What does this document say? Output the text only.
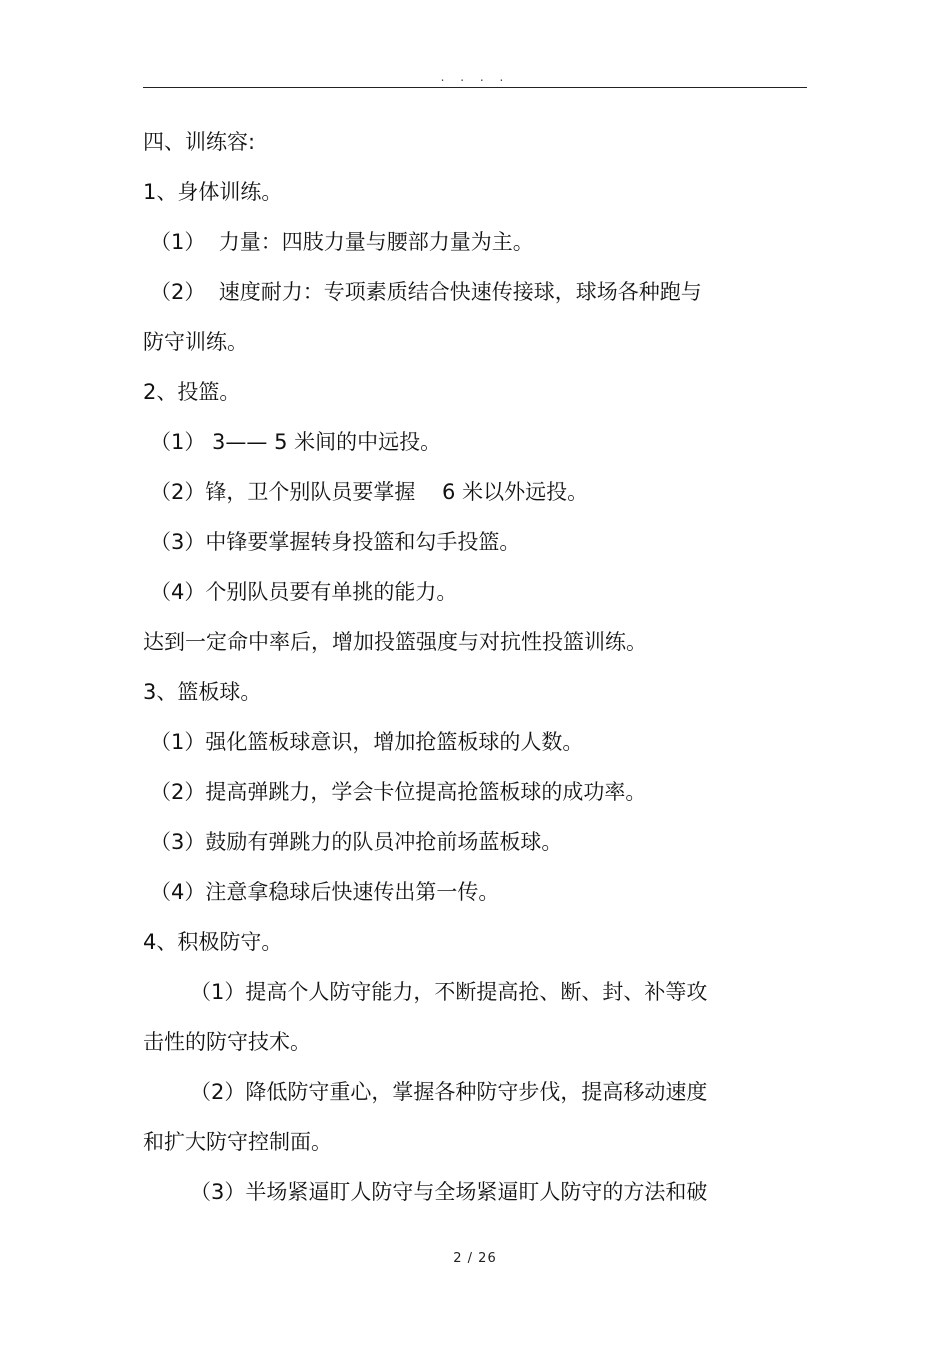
. . . .
四、训练容:
1、身体训练。
（1）  力量：四肢力量与腰部力量为主。
（2）  速度耐力：专项素质结合快速传接球，球场各种跑与
防守训练。
2、投篮。
（1） 3—— 5 米间的中远投。
（2）锋，卫个别队员要掌握    6 米以外远投。
（3）中锋要掌握转身投篮和勾手投篮。
（4）个别队员要有单挑的能力。
达到一定命中率后，增加投篮强度与对抗性投篮训练。
3、篮板球。
（1）强化篮板球意识，增加抢篮板球的人数。
（2）提高弹跳力，学会卡位提高抢篮板球的成功率。
（3）鼓励有弹跳力的队员冲抢前场蓝板球。
（4）注意拿稳球后快速传出第一传。
4、积极防守。
（1）提高个人防守能力，不断提高抢、断、封、补等攻
击性的防守技术。
（2）降低防守重心，掌握各种防守步伐，提高移动速度
和扩大防守控制面。
（3）半场紧逼盯人防守与全场紧逼盯人防守的方法和破
2 / 26
